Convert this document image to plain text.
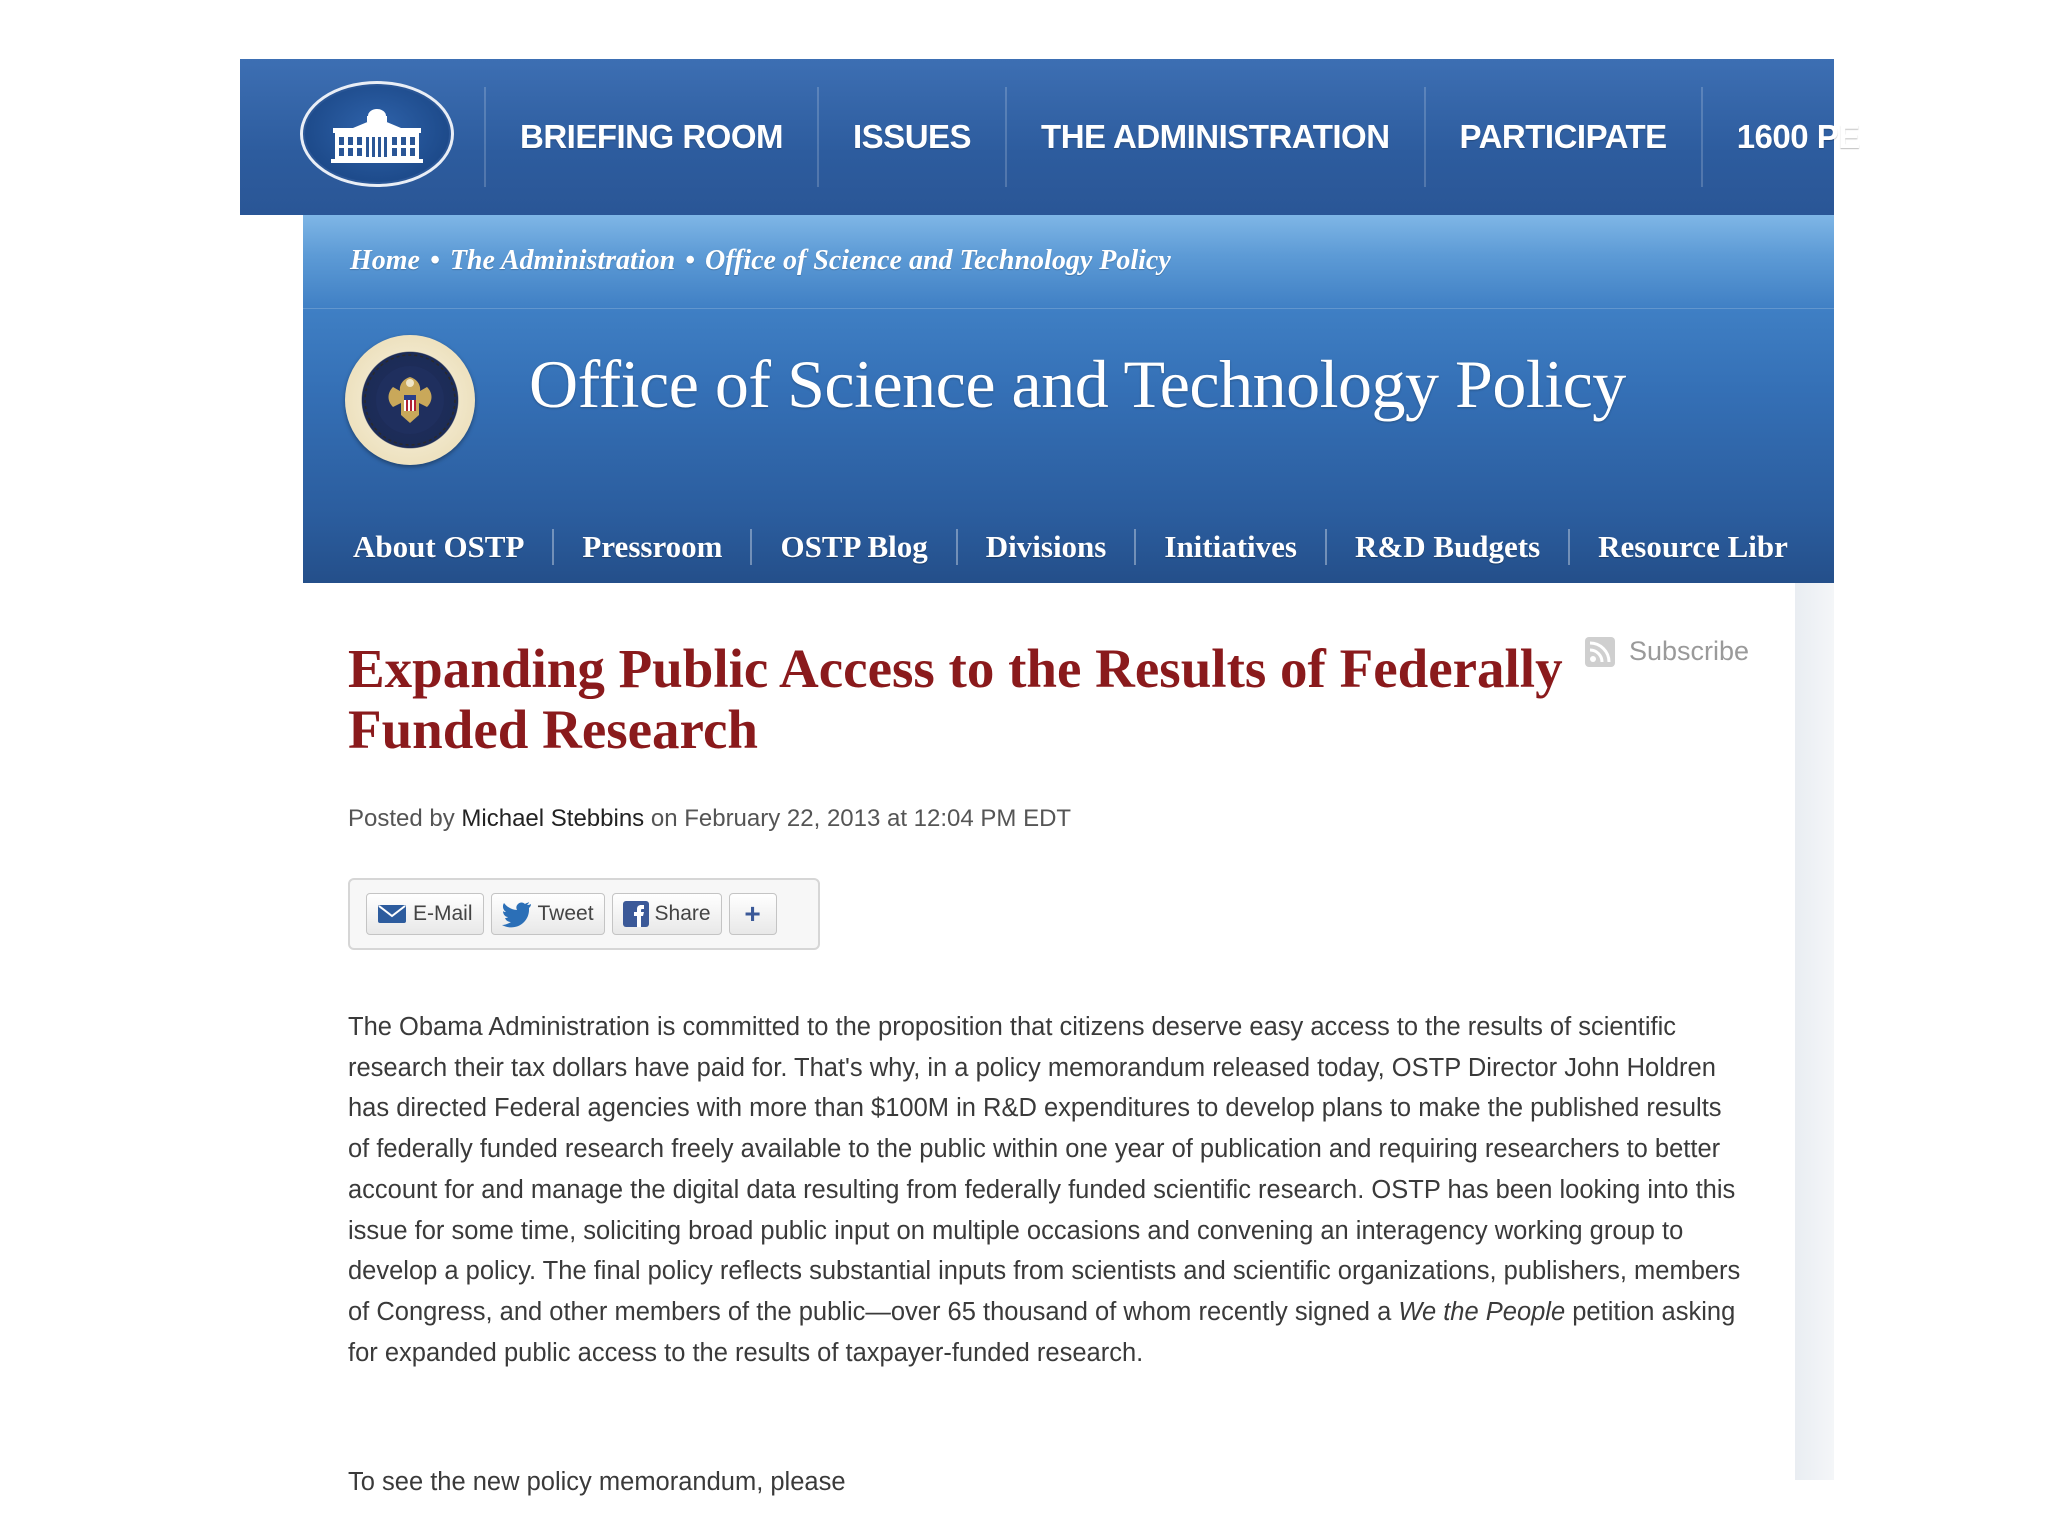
BRIEFING ROOM	ISSUES	THE ADMINISTRATION	PARTICIPATE	1600 PE
Home • The Administration • Office of Science and Technology Policy
Office of Science and Technology Policy
About OSTP	Pressroom	OSTP Blog	Divisions	Initiatives	R&D Budgets	Resource Libr
Expanding Public Access to the Results of Federally Funded Research
Subscribe
Posted by Michael Stebbins on February 22, 2013 at 12:04 PM EDT
E-Mail	Tweet	Share +

The Obama Administration is committed to the proposition that citizens deserve easy access to the results of scientific research their tax dollars have paid for. That's why, in a policy memorandum released today, OSTP Director John Holdren has directed Federal agencies with more than $100M in R&D expenditures to develop plans to make the published results of federally funded research freely available to the public within one year of publication and requiring researchers to better account for and manage the digital data resulting from federally funded scientific research. OSTP has been looking into this issue for some time, soliciting broad public input on multiple occasions and convening an interagency working group to develop a policy. The final policy reflects substantial inputs from scientists and scientific organizations, publishers, members of Congress, and other members of the public—over 65 thousand of whom recently signed a We the People petition asking for expanded public access to the results of taxpayer-funded research.

To see the new policy memorandum, please
